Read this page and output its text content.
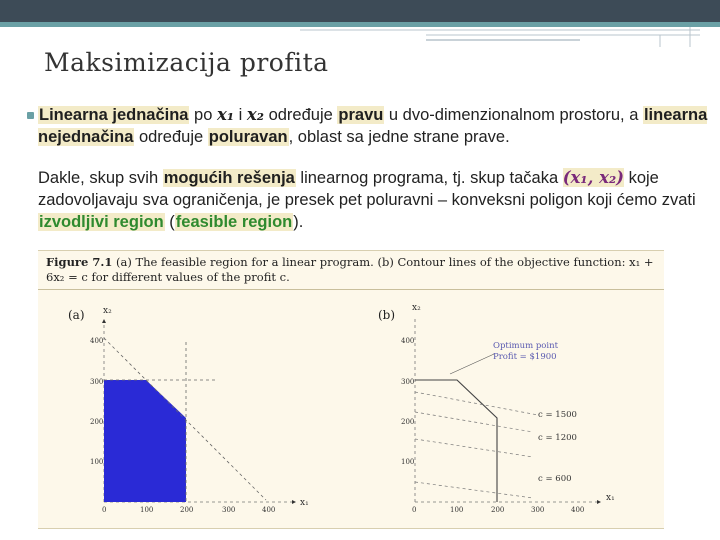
Maksimizacija profita
Linearna jednačina po x₁ i x₂ određuje pravu u dvo-dimenzionalnom prostoru, a linearna nejednačina određuje poluravan, oblast sa jedne strane prave.
Dakle, skup svih mogućih rešenja linearnog programa, tj. skup tačaka (x₁, x₂) koje zadovoljavaju sva ograničenja, je presek pet poluravni – konveksni poligon koji ćemo zvati izvodljivi region (feasible region).
Figure 7.1 (a) The feasible region for a linear program. (b) Contour lines of the objective function: x₁ + 6x₂ = c for different values of the profit c.
(a) x₂
x₁
100
200
300
400
0	100	200	300	400
(b) x₂
x₁
Optimum point
Profit = $1900
c = 1500
c = 1200
c = 600
100
200
300
400
0	100	200	300	400
